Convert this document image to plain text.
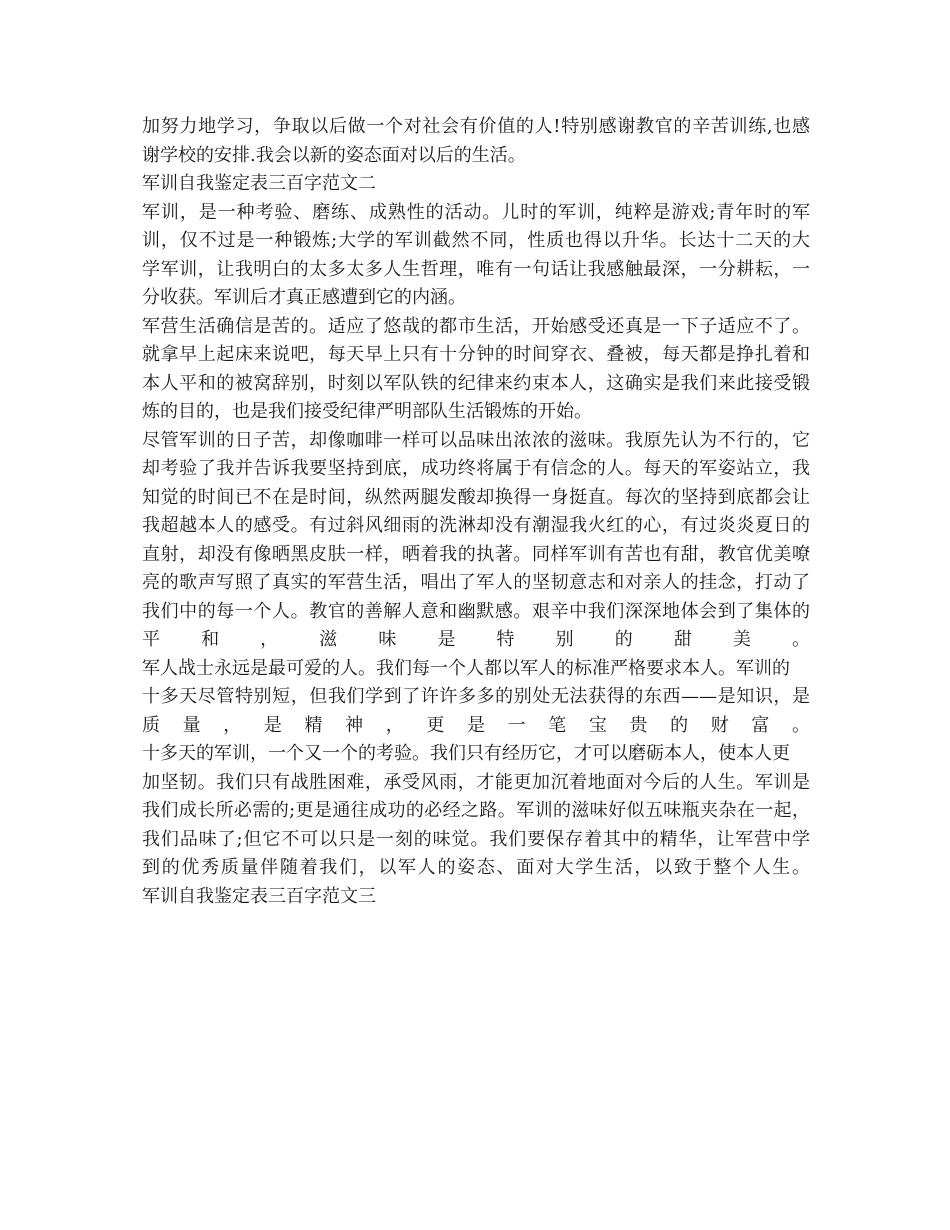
加努力地学习，争取以后做一个对社会有价值的人!特别感谢教官的辛苦训练,也感
谢学校的安排.我会以新的姿态面对以后的生活。
军训自我鉴定表三百字范文二
军训，是一种考验、磨练、成熟性的活动。儿时的军训，纯粹是游戏;青年时的军
训，仅不过是一种锻炼;大学的军训截然不同，性质也得以升华。长达十二天的大
学军训，让我明白的太多太多人生哲理，唯有一句话让我感触最深，一分耕耘，一
分收获。军训后才真正感遭到它的内涵。
军营生活确信是苦的。适应了悠哉的都市生活，开始感受还真是一下子适应不了。
就拿早上起床来说吧，每天早上只有十分钟的时间穿衣、叠被，每天都是挣扎着和
本人平和的被窝辞别，时刻以军队铁的纪律来约束本人，这确实是我们来此接受锻
炼的目的，也是我们接受纪律严明部队生活锻炼的开始。
尽管军训的日子苦，却像咖啡一样可以品味出浓浓的滋味。我原先认为不行的，它
却考验了我并告诉我要坚持到底，成功终将属于有信念的人。每天的军姿站立，我
知觉的时间已不在是时间，纵然两腿发酸却换得一身挺直。每次的坚持到底都会让
我超越本人的感受。有过斜风细雨的洗淋却没有潮湿我火红的心，有过炎炎夏日的
直射，却没有像晒黑皮肤一样，晒着我的执著。同样军训有苦也有甜，教官优美嘹
亮的歌声写照了真实的军营生活，唱出了军人的坚韧意志和对亲人的挂念，打动了
我们中的每一个人。教官的善解人意和幽默感。艰辛中我们深深地体会到了集体的
平和，滋味是特别的甜美。
军人战士永远是最可爱的人。我们每一个人都以军人的标准严格要求本人。军训的
十多天尽管特别短，但我们学到了许许多多的别处无法获得的东西——是知识，是
质量，是精神，更是一笔宝贵的财富。
十多天的军训，一个又一个的考验。我们只有经历它，才可以磨砺本人，使本人更
加坚韧。我们只有战胜困难，承受风雨，才能更加沉着地面对今后的人生。军训是
我们成长所必需的;更是通往成功的必经之路。军训的滋味好似五味瓶夹杂在一起，
我们品味了;但它不可以只是一刻的味觉。我们要保存着其中的精华，让军营中学
到的优秀质量伴随着我们，以军人的姿态、面对大学生活，以致于整个人生。
军训自我鉴定表三百字范文三
